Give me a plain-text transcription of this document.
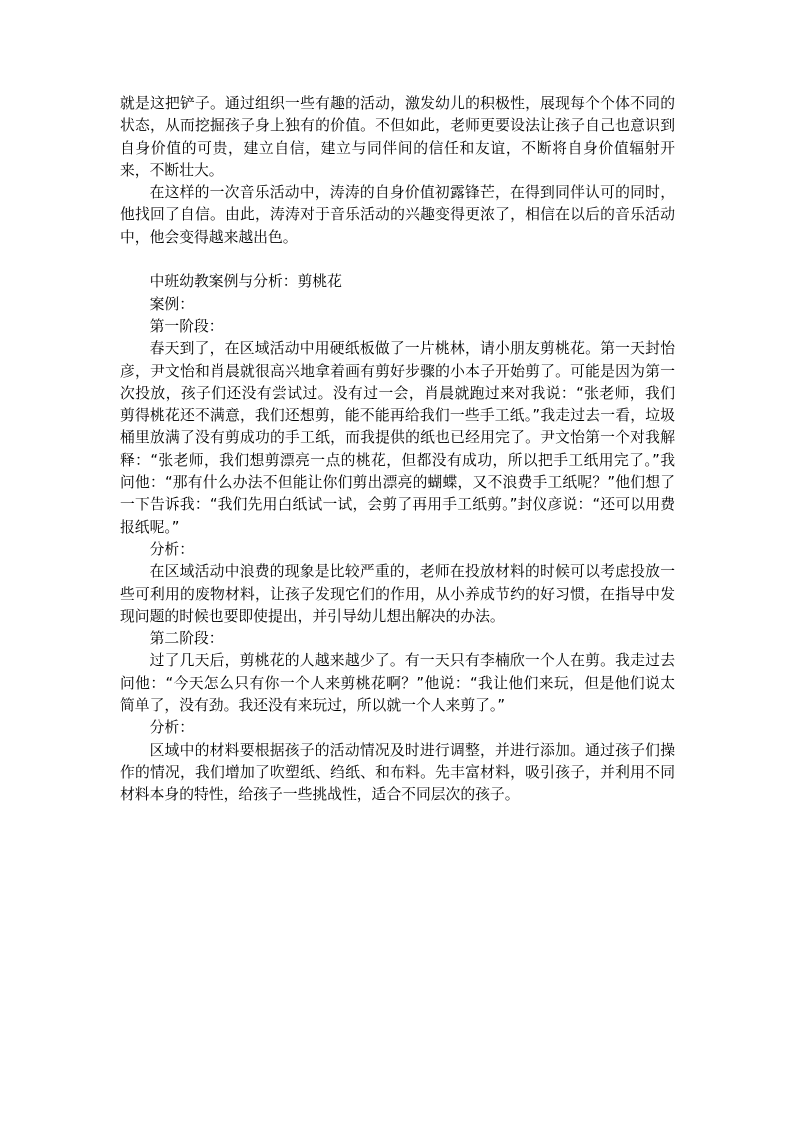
就是这把铲子。通过组织一些有趣的活动，激发幼儿的积极性，展现每个个体不同的状态，从而挖掘孩子身上独有的价值。不但如此，老师更要设法让孩子自己也意识到自身价值的可贵，建立自信，建立与同伴间的信任和友谊，不断将自身价值辐射开来，不断壮大。

在这样的一次音乐活动中，涛涛的自身价值初露锋芒，在得到同伴认可的同时，他找回了自信。由此，涛涛对于音乐活动的兴趣变得更浓了，相信在以后的音乐活动中，他会变得越来越出色。

中班幼教案例与分析：剪桃花

案例：

第一阶段：

春天到了，在区域活动中用硬纸板做了一片桃林，请小朋友剪桃花。第一天封怡彦，尹文怡和肖晨就很高兴地拿着画有剪好步骤的小本子开始剪了。可能是因为第一次投放，孩子们还没有尝试过。没有过一会，肖晨就跑过来对我说：“张老师，我们剪得桃花还不满意，我们还想剪，能不能再给我们一些手工纸。”我走过去一看，垃圾桶里放满了没有剪成功的手工纸，而我提供的纸也已经用完了。尹文怡第一个对我解释：“张老师，我们想剪漂亮一点的桃花，但都没有成功，所以把手工纸用完了。”我问他：“那有什么办法不但能让你们剪出漂亮的蝴蝶，又不浪费手工纸呢？”他们想了一下告诉我：“我们先用白纸试一试，会剪了再用手工纸剪。”封仪彦说：“还可以用费报纸呢。”

分析：

在区域活动中浪费的现象是比较严重的，老师在投放材料的时候可以考虑投放一些可利用的废物材料，让孩子发现它们的作用，从小养成节约的好习惯，在指导中发现问题的时候也要即使提出，并引导幼儿想出解决的办法。

第二阶段：

过了几天后，剪桃花的人越来越少了。有一天只有李楠欣一个人在剪。我走过去问他：“今天怎么只有你一个人来剪桃花啊？”他说：“我让他们来玩，但是他们说太简单了，没有劲。我还没有来玩过，所以就一个人来剪了。”

分析：

区域中的材料要根据孩子的活动情况及时进行调整，并进行添加。通过孩子们操作的情况，我们增加了吹塑纸、绉纸、和布料。先丰富材料，吸引孩子，并利用不同材料本身的特性，给孩子一些挑战性，适合不同层次的孩子。
